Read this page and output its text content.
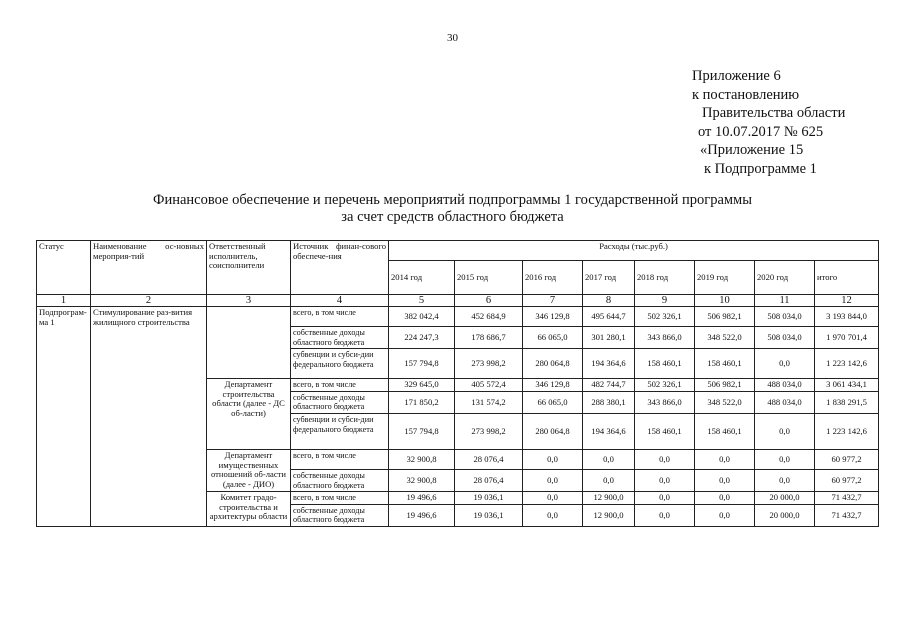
30
Приложение 6
к постановлению
Правительства области
от 10.07.2017 № 625
«Приложение 15
к Подпрограмме 1
Финансовое обеспечение и перечень мероприятий подпрограммы 1 государственной программы
за счет средств областного бюджета
Статус	Наименование ос-новных мероприя-тий	Ответственный исполнитель, соисполнители	Источник финан-сового обеспече-ния	Расходы (тыс.руб.)							
				2014 год	2015 год	2016 год	2017 год	2018 год	2019 год	2020 год	итого
1	2	3	4	5	6	7	8	9	10	11	12
Подпрограм-ма 1	Стимулирование раз-вития жилищного строительства		всего, в том числе	382 042,4	452 684,9	346 129,8	495 644,7	502 326,1	506 982,1	508 034,0	3 193 844,0
			собственные доходы областного бюджета	224 247,3	178 686,7	66 065,0	301 280,1	343 866,0	348 522,0	508 034,0	1 970 701,4
			субвенции и субси-дии федерального бюджета	157 794,8	273 998,2	280 064,8	194 364,6	158 460,1	158 460,1	0,0	1 223 142,6
		Департамент строительства области (далее - ДС об-ласти)	всего, в том числе	329 645,0	405 572,4	346 129,8	482 744,7	502 326,1	506 982,1	488 034,0	3 061 434,1
			собственные доходы областного бюджета	171 850,2	131 574,2	66 065,0	288 380,1	343 866,0	348 522,0	488 034,0	1 838 291,5
			субвенции и субси-дии федерального бюджета	157 794,8	273 998,2	280 064,8	194 364,6	158 460,1	158 460,1	0,0	1 223 142,6
		Департамент имущественных отношений об-ласти (далее - ДИО)	всего, в том числе	32 900,8	28 076,4	0,0	0,0	0,0	0,0	0,0	60 977,2
			собственные доходы областного бюджета	32 900,8	28 076,4	0,0	0,0	0,0	0,0	0,0	60 977,2
		Комитет градо-строительства и архитектуры области	всего, в том числе	19 496,6	19 036,1	0,0	12 900,0	0,0	0,0	20 000,0	71 432,7
			собственные доходы областного бюджета	19 496,6	19 036,1	0,0	12 900,0	0,0	0,0	20 000,0	71 432,7
